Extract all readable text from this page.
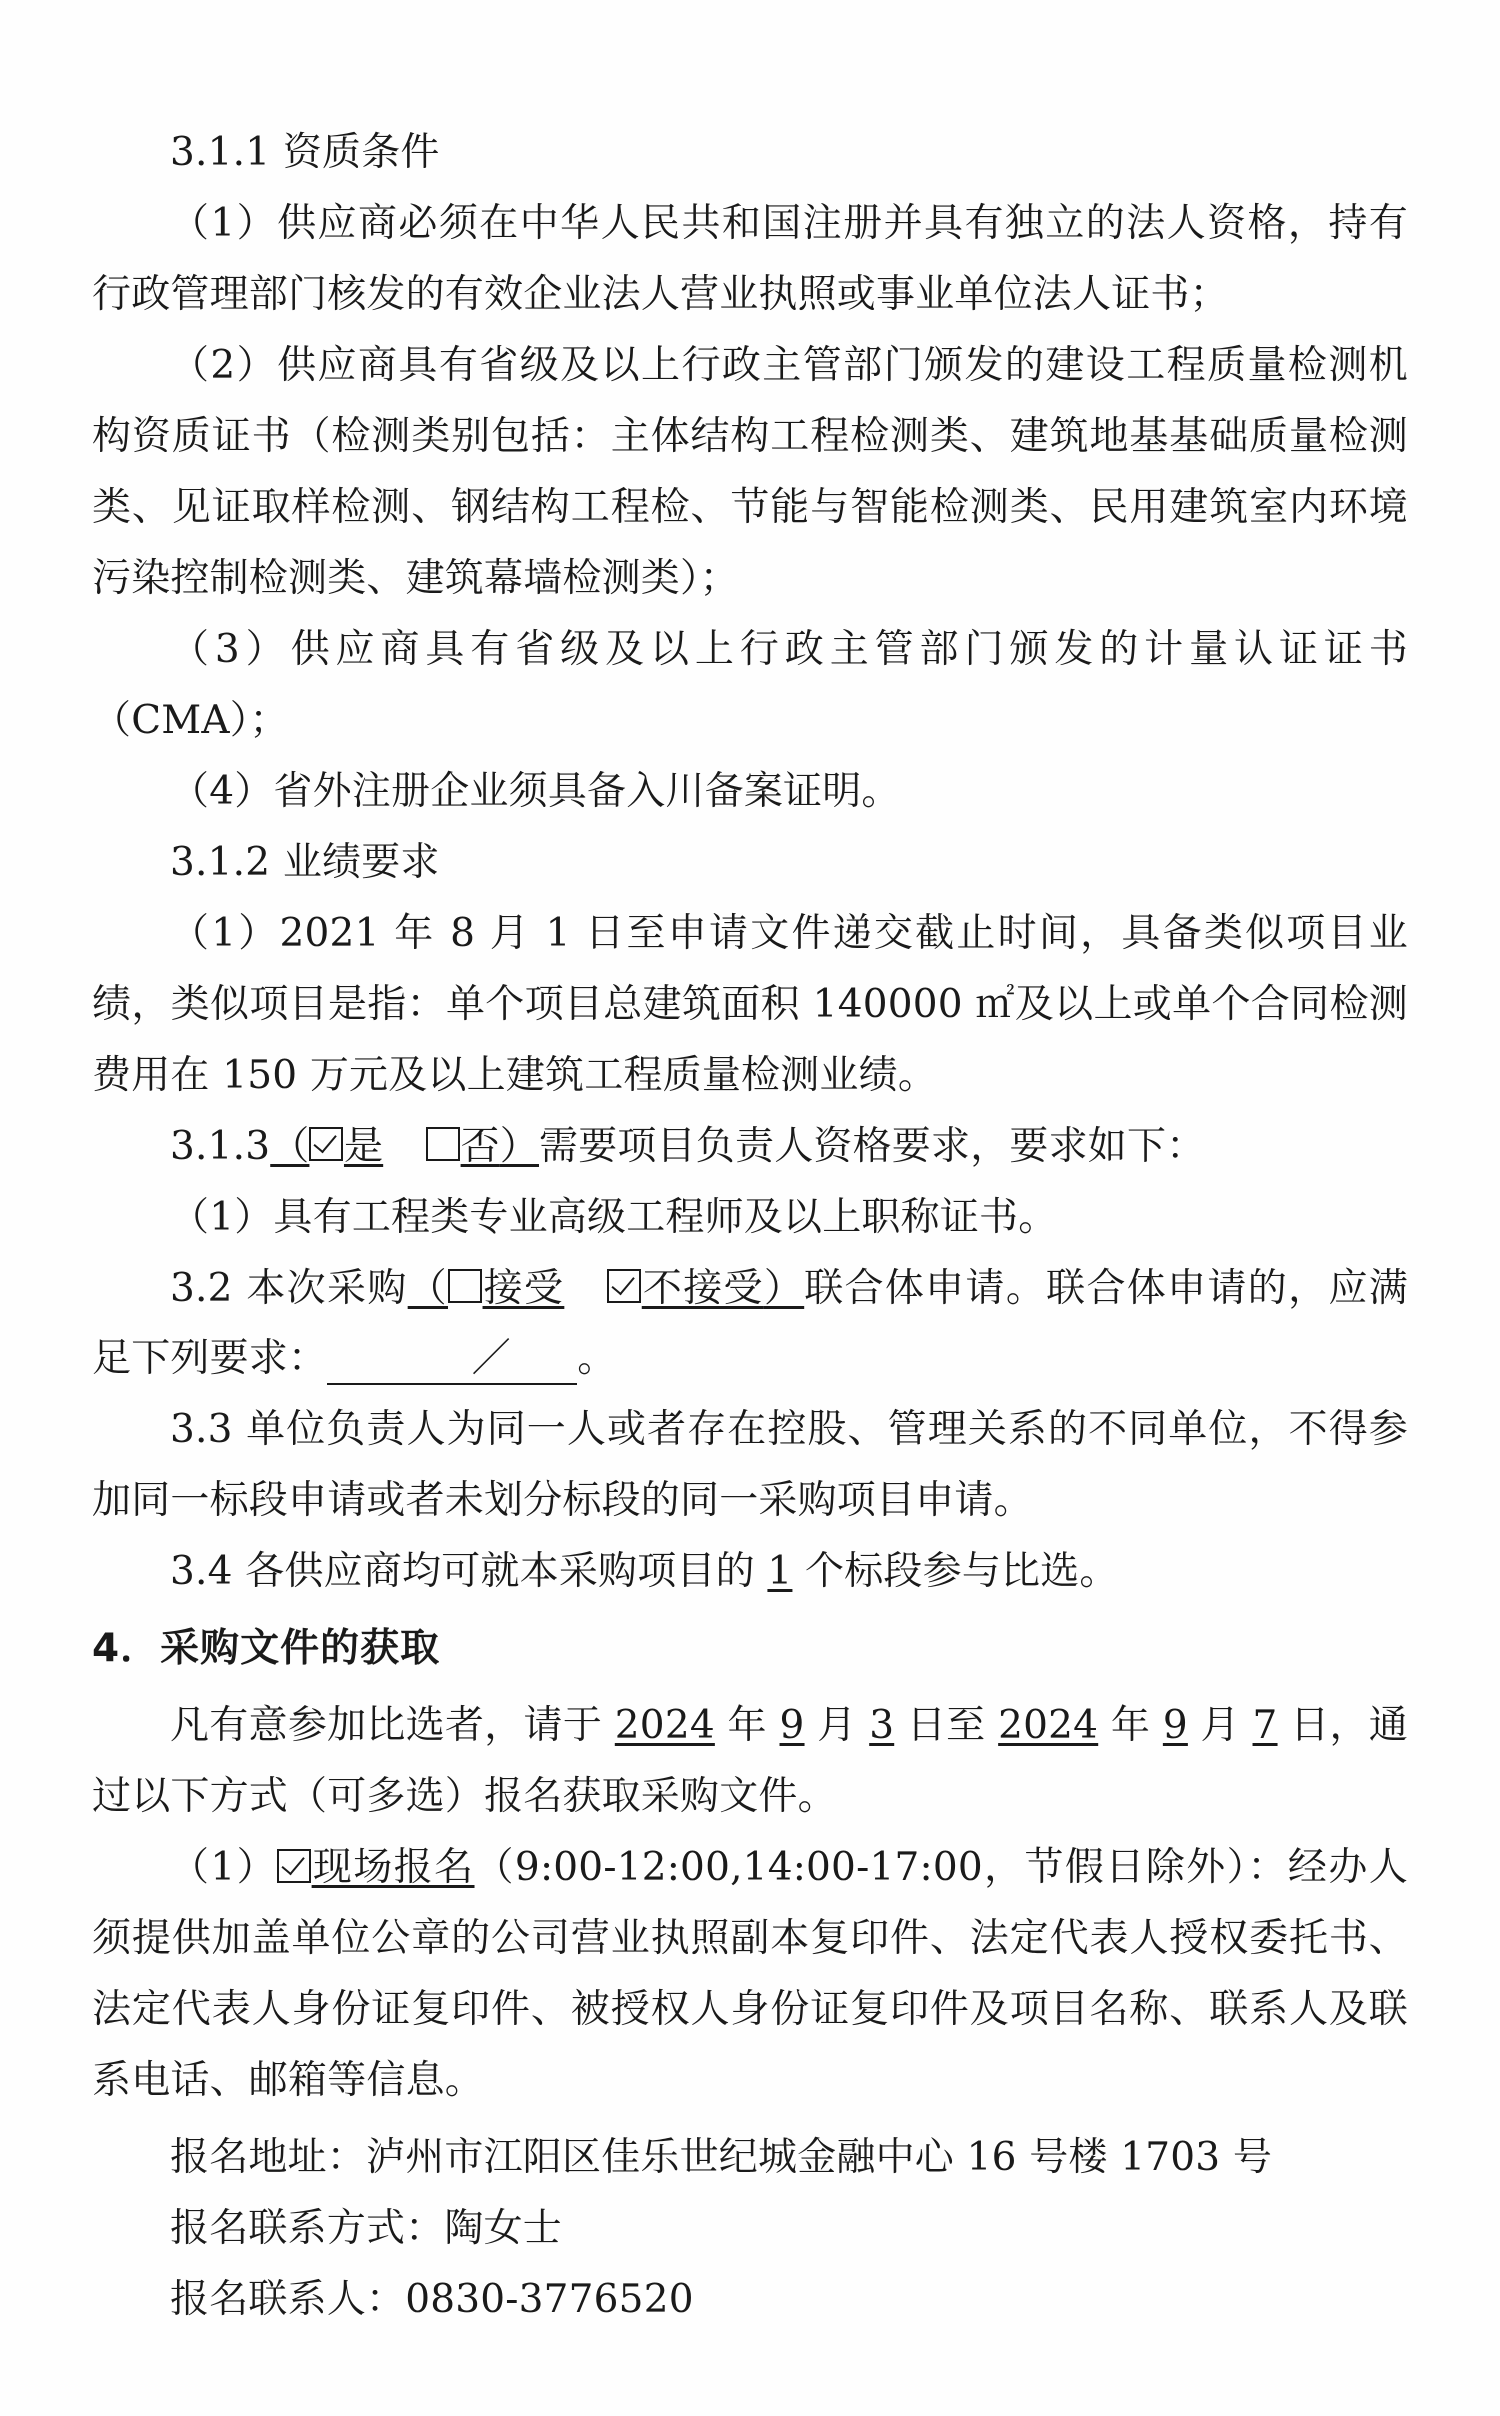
3.1.1 资质条件

（1）供应商必须在中华人民共和国注册并具有独立的法人资格，持有行政管理部门核发的有效企业法人营业执照或事业单位法人证书；

（2）供应商具有省级及以上行政主管部门颁发的建设工程质量检测机构资质证书（检测类别包括：主体结构工程检测类、建筑地基基础质量检测类、见证取样检测、钢结构工程检、节能与智能检测类、民用建筑室内环境污染控制检测类、建筑幕墙检测类）；

（3）供应商具有省级及以上行政主管部门颁发的计量认证证书（CMA）；

（4）省外注册企业须具备入川备案证明。

3.1.2 业绩要求

（1）2021 年 8 月 1 日至申请文件递交截止时间，具备类似项目业绩，类似项目是指：单个项目总建筑面积 140000 ㎡及以上或单个合同检测费用在 150 万元及以上建筑工程质量检测业绩。

3.1.3（ 是 否）需要项目负责人资格要求，要求如下：

（1）具有工程类专业高级工程师及以上职称证书。

3.2 本次采购（ 接受 不接受）联合体申请。联合体申请的，应满足下列要求：	／ 。

3.3 单位负责人为同一人或者存在控股、管理关系的不同单位，不得参加同一标段申请或者未划分标段的同一采购项目申请。

3.4 各供应商均可就本采购项目的 1 个标段参与比选。

4．采购文件的获取

凡有意参加比选者，请于 2024 年 9 月 3 日至 2024 年 9 月 7 日，通过以下方式（可多选）报名获取采购文件。

（1） 现场报名（9:00-12:00,14:00-17:00，节假日除外）：经办人须提供加盖单位公章的公司营业执照副本复印件、法定代表人授权委托书、法定代表人身份证复印件、被授权人身份证复印件及项目名称、联系人及联系电话、邮箱等信息。

报名地址：泸州市江阳区佳乐世纪城金融中心 16 号楼 1703 号

报名联系方式：陶女士

报名联系人：0830-3776520
